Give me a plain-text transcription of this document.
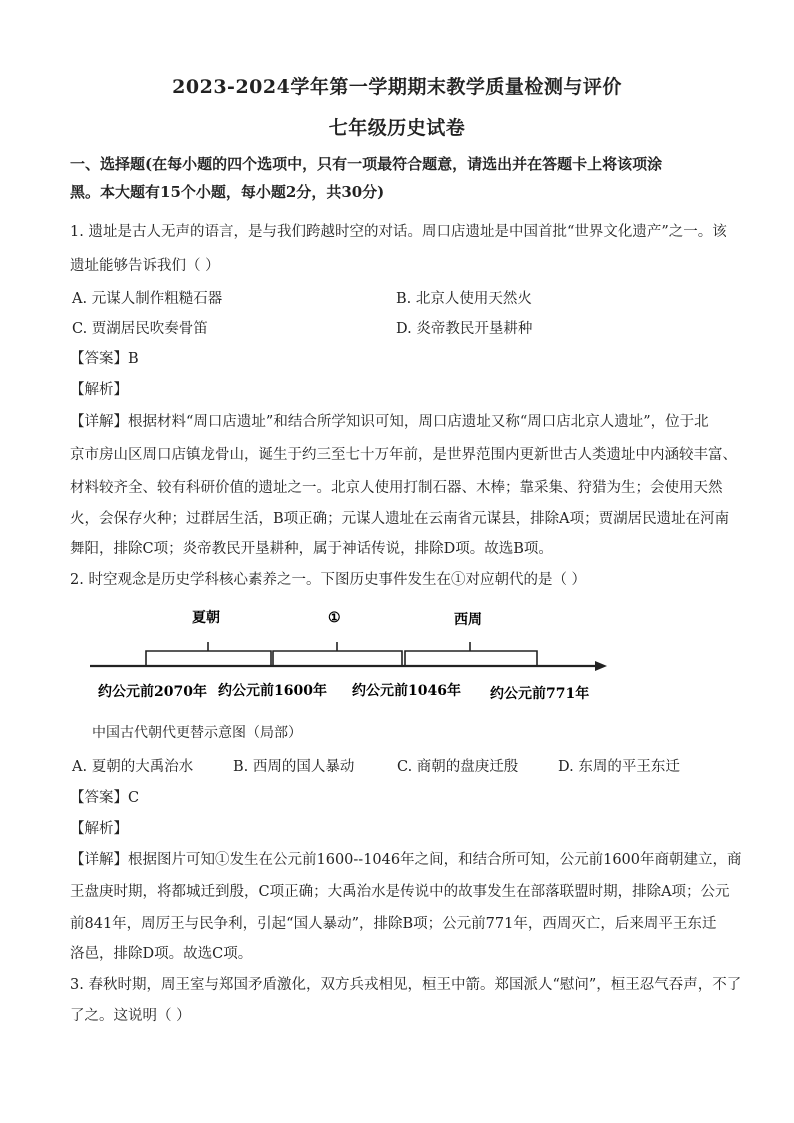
2023-2024学年第一学期期末教学质量检测与评价
七年级历史试卷
一、选择题(在每小题的四个选项中，只有一项最符合题意，请选出并在答题卡上将该项涂
黑。本大题有15个小题，每小题2分，共30分)
1. 遗址是古人无声的语言，是与我们跨越时空的对话。周口店遗址是中国首批“世界文化遗产”之一。该
遗址能够告诉我们（ ）
A. 元谋人制作粗糙石器	B. 北京人使用天然火
C. 贾湖居民吹奏骨笛	D. 炎帝教民开垦耕种
【答案】B
【解析】
【详解】根据材料“周口店遗址”和结合所学知识可知，周口店遗址又称“周口店北京人遗址”，位于北
京市房山区周口店镇龙骨山，诞生于约三至七十万年前，是世界范围内更新世古人类遗址中内涵较丰富、
材料较齐全、较有科研价值的遗址之一。北京人使用打制石器、木棒；靠采集、狩猎为生；会使用天然
火，会保存火种；过群居生活，B项正确；元谋人遗址在云南省元谋县，排除A项；贾湖居民遗址在河南
舞阳，排除C项；炎帝教民开垦耕种，属于神话传说，排除D项。故选B项。
2. 时空观念是历史学科核心素养之一。下图历史事件发生在①对应朝代的是（ ）
夏朝	①	西周
约公元前2070年 约公元前1600年 约公元前1046年 约公元前771年
中国古代朝代更替示意图（局部）
A. 夏朝的大禹治水	B. 西周的国人暴动	C. 商朝的盘庚迁殷	D. 东周的平王东迁
【答案】C
【解析】
【详解】根据图片可知①发生在公元前1600--1046年之间，和结合所可知，公元前1600年商朝建立，商
王盘庚时期，将都城迁到殷，C项正确；大禹治水是传说中的故事发生在部落联盟时期，排除A项；公元
前841年，周厉王与民争利，引起“国人暴动”，排除B项；公元前771年，西周灭亡，后来周平王东迁
洛邑，排除D项。故选C项。
3. 春秋时期，周王室与郑国矛盾激化，双方兵戎相见，桓王中箭。郑国派人“慰问”，桓王忍气吞声，不了
了之。这说明（ ）
